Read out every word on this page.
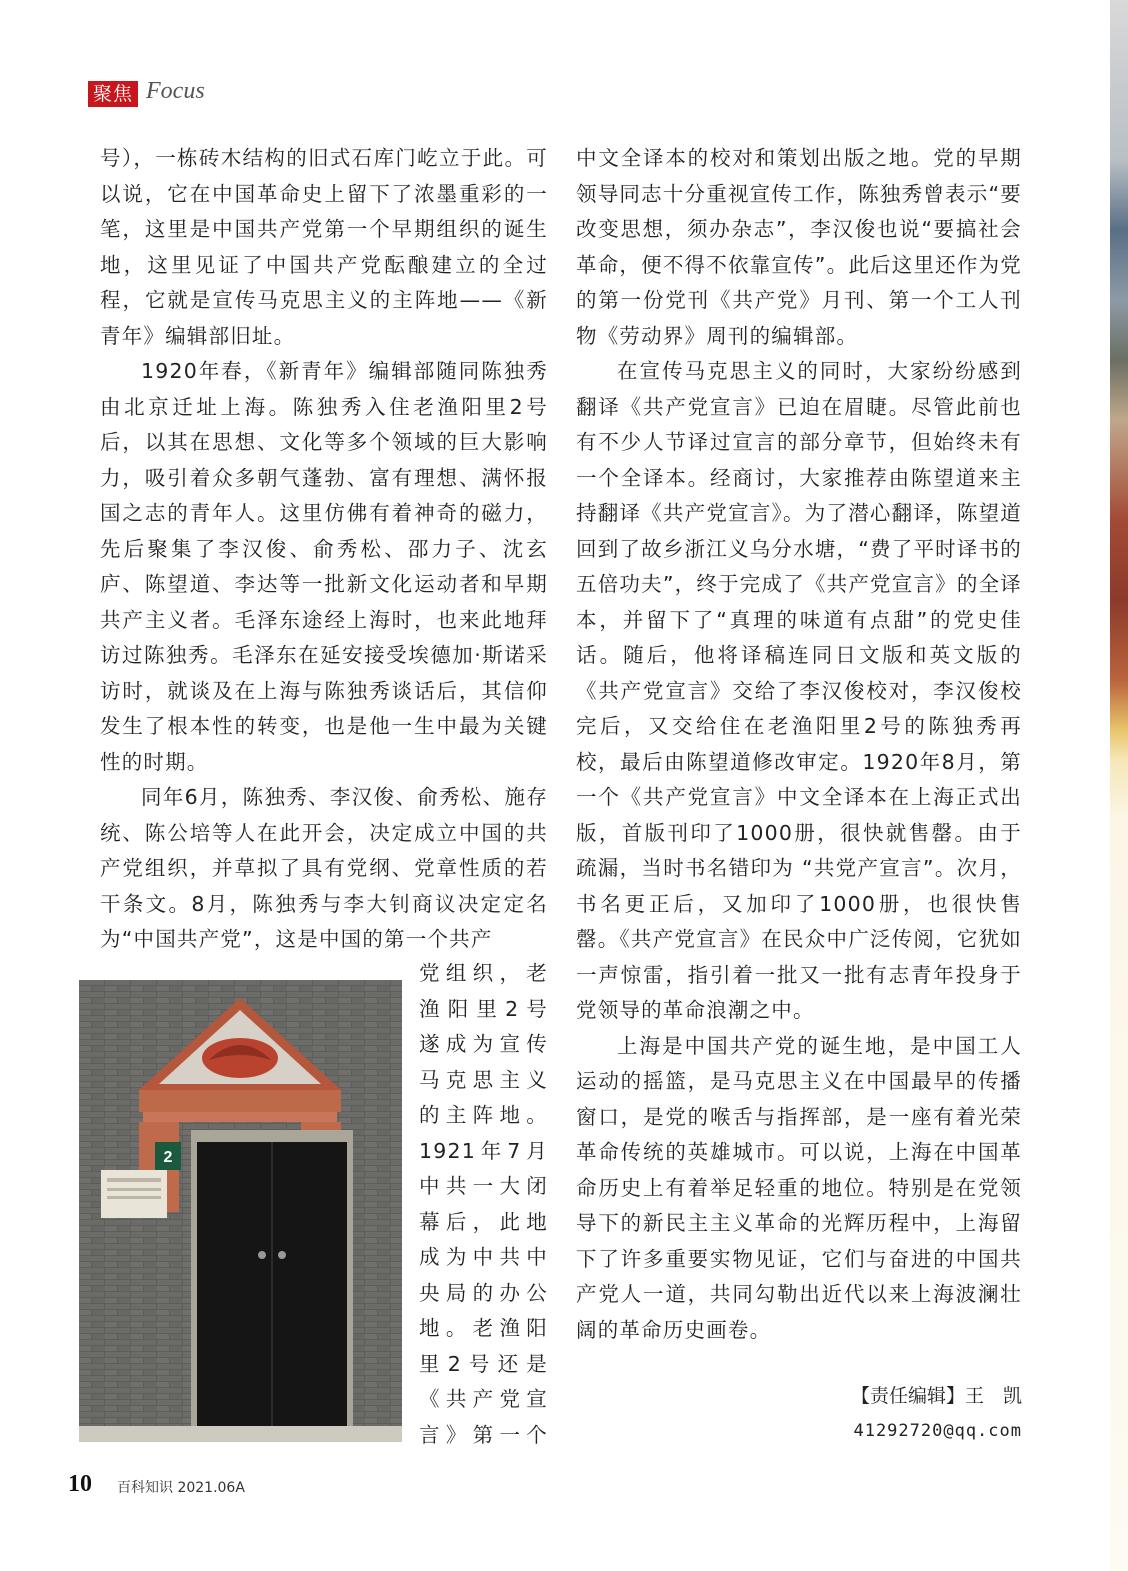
聚焦 Focus

号），一栋砖木结构的旧式石库门屹立于此。可以说，它在中国革命史上留下了浓墨重彩的一笔，这里是中国共产党第一个早期组织的诞生地，这里见证了中国共产党酝酿建立的全过程，它就是宣传马克思主义的主阵地——《新青年》编辑部旧址。

1920年春，《新青年》编辑部随同陈独秀由北京迁址上海。陈独秀入住老渔阳里2号后，以其在思想、文化等多个领域的巨大影响力，吸引着众多朝气蓬勃、富有理想、满怀报国之志的青年人。这里仿佛有着神奇的磁力，先后聚集了李汉俊、俞秀松、邵力子、沈玄庐、陈望道、李达等一批新文化运动者和早期共产主义者。毛泽东途经上海时，也来此地拜访过陈独秀。毛泽东在延安接受埃德加·斯诺采访时，就谈及在上海与陈独秀谈话后，其信仰发生了根本性的转变，也是他一生中最为关键性的时期。

同年6月，陈独秀、李汉俊、俞秀松、施存统、陈公培等人在此开会，决定成立中国的共产党组织，并草拟了具有党纲、党章性质的若干条文。8月，陈独秀与李大钊商议决定定名为“中国共产党”，这是中国的第一个共产

2

党组织，老

渔阳里2号

遂成为宣传

马克思主义

的主阵地。

1921年7月

中共一大闭

幕后，此地

成为中共中

央局的办公

地。老渔阳

里2号还是

《共产党宣

言》第一个

中文全译本的校对和策划出版之地。党的早期领导同志十分重视宣传工作，陈独秀曾表示“要改变思想，须办杂志”，李汉俊也说“要搞社会革命，便不得不依靠宣传”。此后这里还作为党的第一份党刊《共产党》月刊、第一个工人刊物《劳动界》周刊的编辑部。

在宣传马克思主义的同时，大家纷纷感到翻译《共产党宣言》已迫在眉睫。尽管此前也有不少人节译过宣言的部分章节，但始终未有一个全译本。经商讨，大家推荐由陈望道来主持翻译《共产党宣言》。为了潜心翻译，陈望道回到了故乡浙江义乌分水塘，“费了平时译书的五倍功夫”，终于完成了《共产党宣言》的全译本，并留下了“真理的味道有点甜”的党史佳话。随后，他将译稿连同日文版和英文版的《共产党宣言》交给了李汉俊校对，李汉俊校完后，又交给住在老渔阳里2号的陈独秀再校，最后由陈望道修改审定。1920年8月，第一个《共产党宣言》中文全译本在上海正式出版，首版刊印了1000册，很快就售罄。由于疏漏，当时书名错印为 “共党产宣言”。次月，书名更正后，又加印了1000册，也很快售罄。《共产党宣言》在民众中广泛传阅，它犹如一声惊雷，指引着一批又一批有志青年投身于党领导的革命浪潮之中。

上海是中国共产党的诞生地，是中国工人运动的摇篮，是马克思主义在中国最早的传播窗口，是党的喉舌与指挥部，是一座有着光荣革命传统的英雄城市。可以说，上海在中国革命历史上有着举足轻重的地位。特别是在党领导下的新民主主义革命的光辉历程中，上海留下了许多重要实物见证，它们与奋进的中国共产党人一道，共同勾勒出近代以来上海波澜壮阔的革命历史画卷。

【责任编辑】王　凯
41292720@qq.com
10 百科知识 2021.06A
